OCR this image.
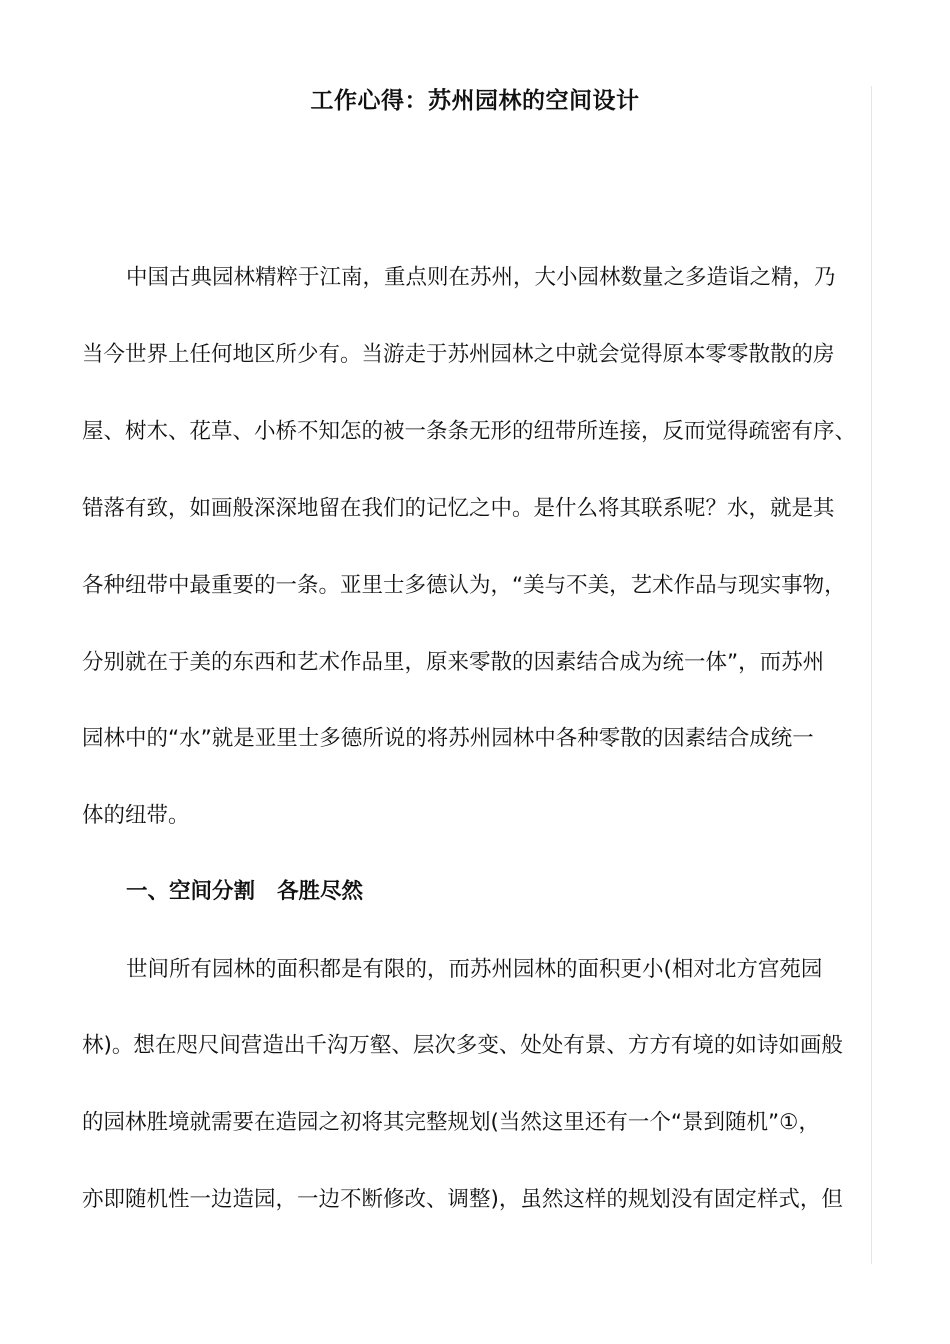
工作心得：苏州园林的空间设计
中国古典园林精粹于江南，重点则在苏州，大小园林数量之多造诣之精，乃
当今世界上任何地区所少有。当游走于苏州园林之中就会觉得原本零零散散的房
屋、树木、花草、小桥不知怎的被一条条无形的纽带所连接，反而觉得疏密有序、
错落有致，如画般深深地留在我们的记忆之中。是什么将其联系呢？水，就是其
各种纽带中最重要的一条。亚里士多德认为，“美与不美，艺术作品与现实事物，
分别就在于美的东西和艺术作品里，原来零散的因素结合成为统一体”，而苏州
园林中的“水”就是亚里士多德所说的将苏州园林中各种零散的因素结合成统一
体的纽带。
一、空间分割 各胜尽然
世间所有园林的面积都是有限的，而苏州园林的面积更小(相对北方宫苑园
林)。想在咫尺间营造出千沟万壑、层次多变、处处有景、方方有境的如诗如画般
的园林胜境就需要在造园之初将其完整规划(当然这里还有一个“景到随机”①，
亦即随机性一边造园，一边不断修改、调整)，虽然这样的规划没有固定样式，但
